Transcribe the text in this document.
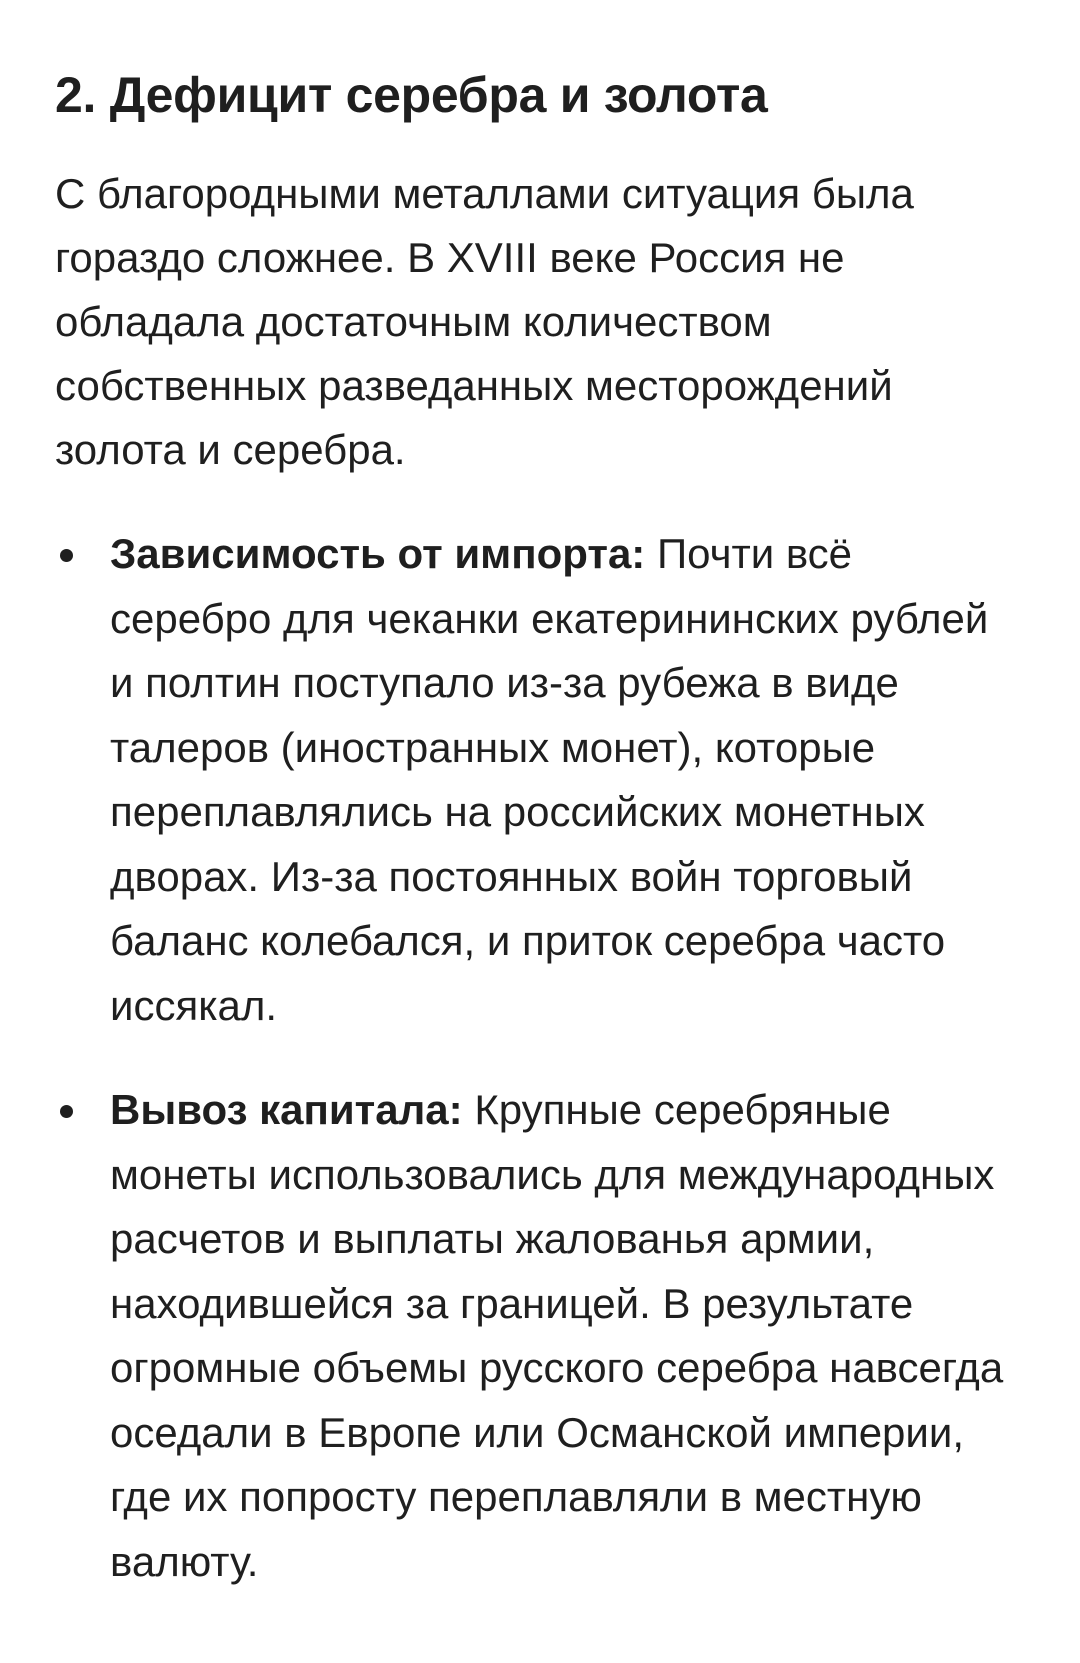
2. Дефицит серебра и золота

С благородными металлами ситуация была гораздо сложнее. В XVIII веке Россия не обладала достаточным количеством собственных разведанных месторождений золота и серебра.

Зависимость от импорта: Почти всё серебро для чеканки екатерининских рублей и полтин поступало из-за рубежа в виде талеров (иностранных монет), которые переплавлялись на российских монетных дворах. Из-за постоянных войн торговый баланс колебался, и приток серебра часто иссякал.
Вывоз капитала: Крупные серебряные монеты использовались для международных расчетов и выплаты жалованья армии, находившейся за границей. В результате огромные объемы русского серебра навсегда оседали в Европе или Османской империи, где их попросту переплавляли в местную валюту.
